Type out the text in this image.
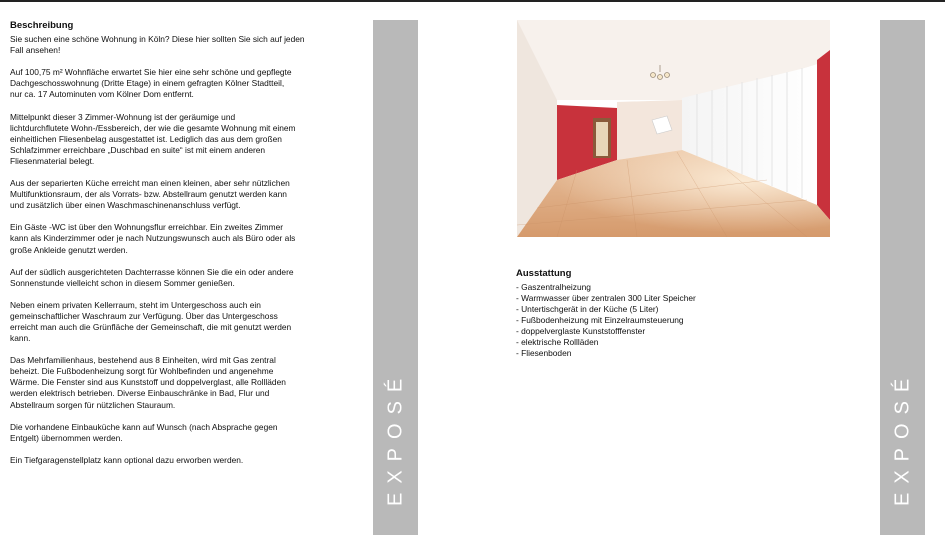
Beschreibung

Sie suchen eine schöne Wohnung in Köln? Diese hier sollten Sie sich auf jeden
Fall ansehen!

Auf 100,75 m² Wohnfläche erwartet Sie hier eine sehr schöne und gepflegte
Dachgeschosswohnung (Dritte Etage) in einem gefragten Kölner Stadtteil,
nur ca. 17 Autominuten vom Kölner Dom entfernt.

Mittelpunkt dieser 3 Zimmer-Wohnung ist der geräumige und
lichtdurchflutete Wohn-/Essbereich, der wie die gesamte Wohnung mit einem
einheitlichen Fliesenbelag ausgestattet ist. Lediglich das aus dem großen
Schlafzimmer erreichbare „Duschbad en suite“ ist mit einem anderen
Fliesenmaterial belegt.

Aus der separierten Küche erreicht man einen kleinen, aber sehr nützlichen
Multifunktionsraum, der als Vorrats- bzw. Abstellraum genutzt werden kann
und zusätzlich über einen Waschmaschinenanschluss verfügt.

Ein Gäste -WC ist über den Wohnungsflur erreichbar. Ein zweites Zimmer
kann als Kinderzimmer oder je nach Nutzungswunsch auch als Büro oder als
große Ankleide genutzt werden.

Auf der südlich ausgerichteten Dachterrasse können Sie die ein oder andere
Sonnenstunde vielleicht schon in diesem Sommer genießen.

Neben einem privaten Kellerraum, steht im Untergeschoss auch ein
gemeinschaftlicher Waschraum zur Verfügung. Über das Untergeschoss
erreicht man auch die Grünfläche der Gemeinschaft, die mit genutzt werden
kann.

Das Mehrfamilienhaus, bestehend aus 8 Einheiten, wird mit Gas zentral
beheizt. Die Fußbodenheizung sorgt für Wohlbefinden und angenehme
Wärme. Die Fenster sind aus Kunststoff und doppelverglast, alle Rollläden
werden elektrisch betrieben. Diverse Einbauschränke in Bad, Flur und
Abstellraum sorgen für nützlichen Stauraum.

Die vorhandene Einbauküche kann auf Wunsch (nach Absprache gegen
Entgelt) übernommen werden.

Ein Tiefgaragenstellplatz kann optional dazu erworben werden.	EXPOSÉ
Ausstattung
- Gaszentralheizung
- Warmwasser über zentralen 300 Liter Speicher
- Untertischgerät in der Küche (5 Liter)
- Fußbodenheizung mit Einzelraumsteuerung
- doppelverglaste Kunststofffenster
- elektrische Rollläden
- Fliesenboden
EXPOSÉ
